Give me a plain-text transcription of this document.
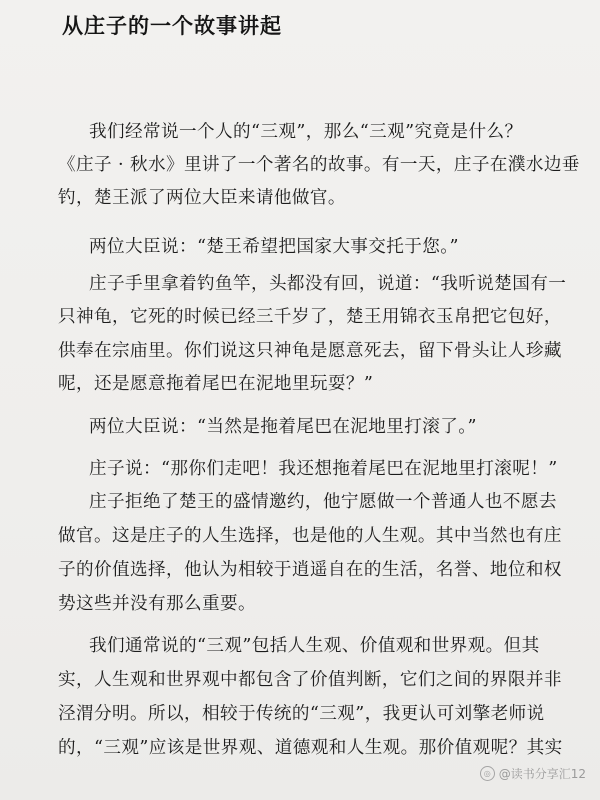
⠀⠀⠀⠀⠀⠀
从庄子的一个故事讲起
我们经常说一个人的“三观”，那么“三观”究竟是什么？
《庄子 · 秋水》里讲了一个著名的故事。有一天，庄子在濮水边垂
钓，楚王派了两位大臣来请他做官。
两位大臣说：“楚王希望把国家大事交托于您。”
庄子手里拿着钓鱼竿，头都没有回，说道：“我听说楚国有一
只神龟，它死的时候已经三千岁了，楚王用锦衣玉帛把它包好，
供奉在宗庙里。你们说这只神龟是愿意死去，留下骨头让人珍藏
呢，还是愿意拖着尾巴在泥地里玩耍？”
两位大臣说：“当然是拖着尾巴在泥地里打滚了。”
庄子说：“那你们走吧！我还想拖着尾巴在泥地里打滚呢！”
庄子拒绝了楚王的盛情邀约，他宁愿做一个普通人也不愿去
做官。这是庄子的人生选择，也是他的人生观。其中当然也有庄
子的价值选择，他认为相较于逍遥自在的生活，名誉、地位和权
势这些并没有那么重要。
我们通常说的“三观”包括人生观、价值观和世界观。但其
实，人生观和世界观中都包含了价值判断，它们之间的界限并非
泾渭分明。所以，相较于传统的“三观”，我更认可刘擎老师说
的，“三观”应该是世界观、道德观和人生观。那价值观呢？其实
◎ @读书分享汇12
